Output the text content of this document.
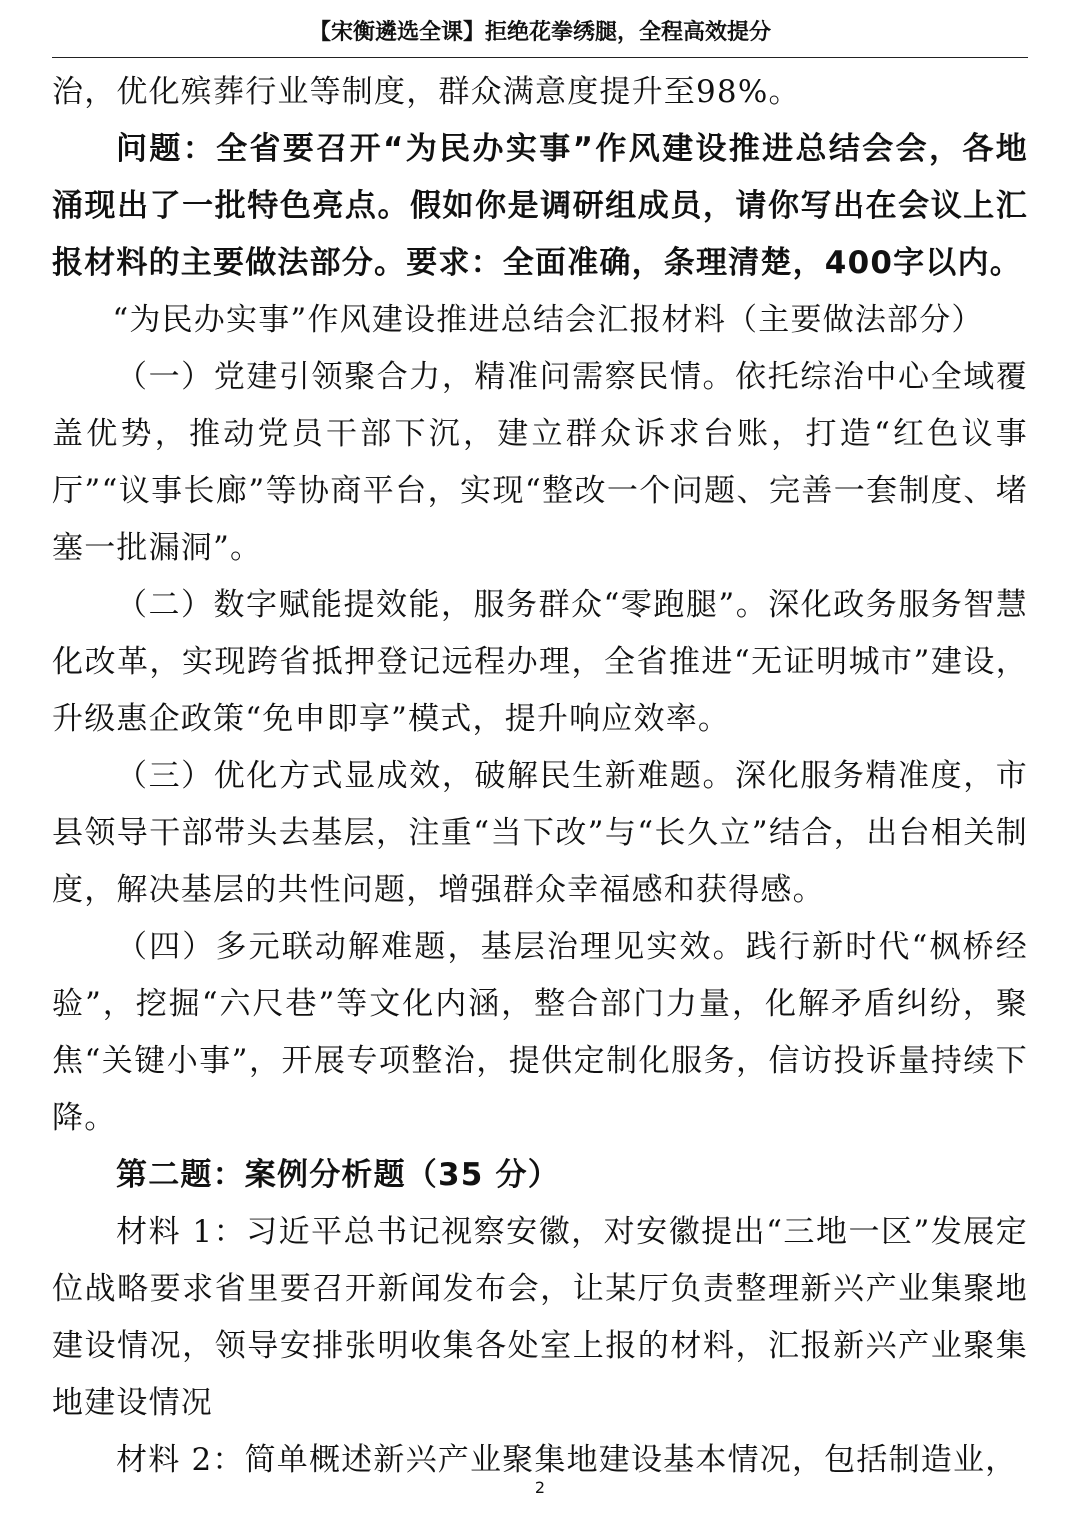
【宋衡遴选全课】拒绝花拳绣腿，全程高效提分

治，优化殡葬行业等制度，群众满意度提升至98%。

问题：全省要召开“为民办实事”作风建设推进总结会会，各地涌现出了一批特色亮点。假如你是调研组成员，请你写出在会议上汇报材料的主要做法部分。要求：全面准确，条理清楚，400字以内。

“为民办实事”作风建设推进总结会汇报材料（主要做法部分）

（一）党建引领聚合力，精准问需察民情。依托综治中心全域覆盖优势，推动党员干部下沉，建立群众诉求台账，打造“红色议事厅”“议事长廊”等协商平台，实现“整改一个问题、完善一套制度、堵塞一批漏洞”。

（二）数字赋能提效能，服务群众“零跑腿”。深化政务服务智慧化改革，实现跨省抵押登记远程办理，全省推进“无证明城市”建设，升级惠企政策“免申即享”模式，提升响应效率。

（三）优化方式显成效，破解民生新难题。深化服务精准度，市县领导干部带头去基层，注重“当下改”与“长久立”结合，出台相关制度，解决基层的共性问题，增强群众幸福感和获得感。

（四）多元联动解难题，基层治理见实效。践行新时代“枫桥经验”，挖掘“六尺巷”等文化内涵，整合部门力量，化解矛盾纠纷，聚焦“关键小事”，开展专项整治，提供定制化服务，信访投诉量持续下降。

第二题：案例分析题（35 分）

材料 1：习近平总书记视察安徽，对安徽提出“三地一区”发展定位战略要求省里要召开新闻发布会，让某厅负责整理新兴产业集聚地建设情况，领导安排张明收集各处室上报的材料，汇报新兴产业聚集地建设情况

材料 2：简单概述新兴产业聚集地建设基本情况，包括制造业，

2
